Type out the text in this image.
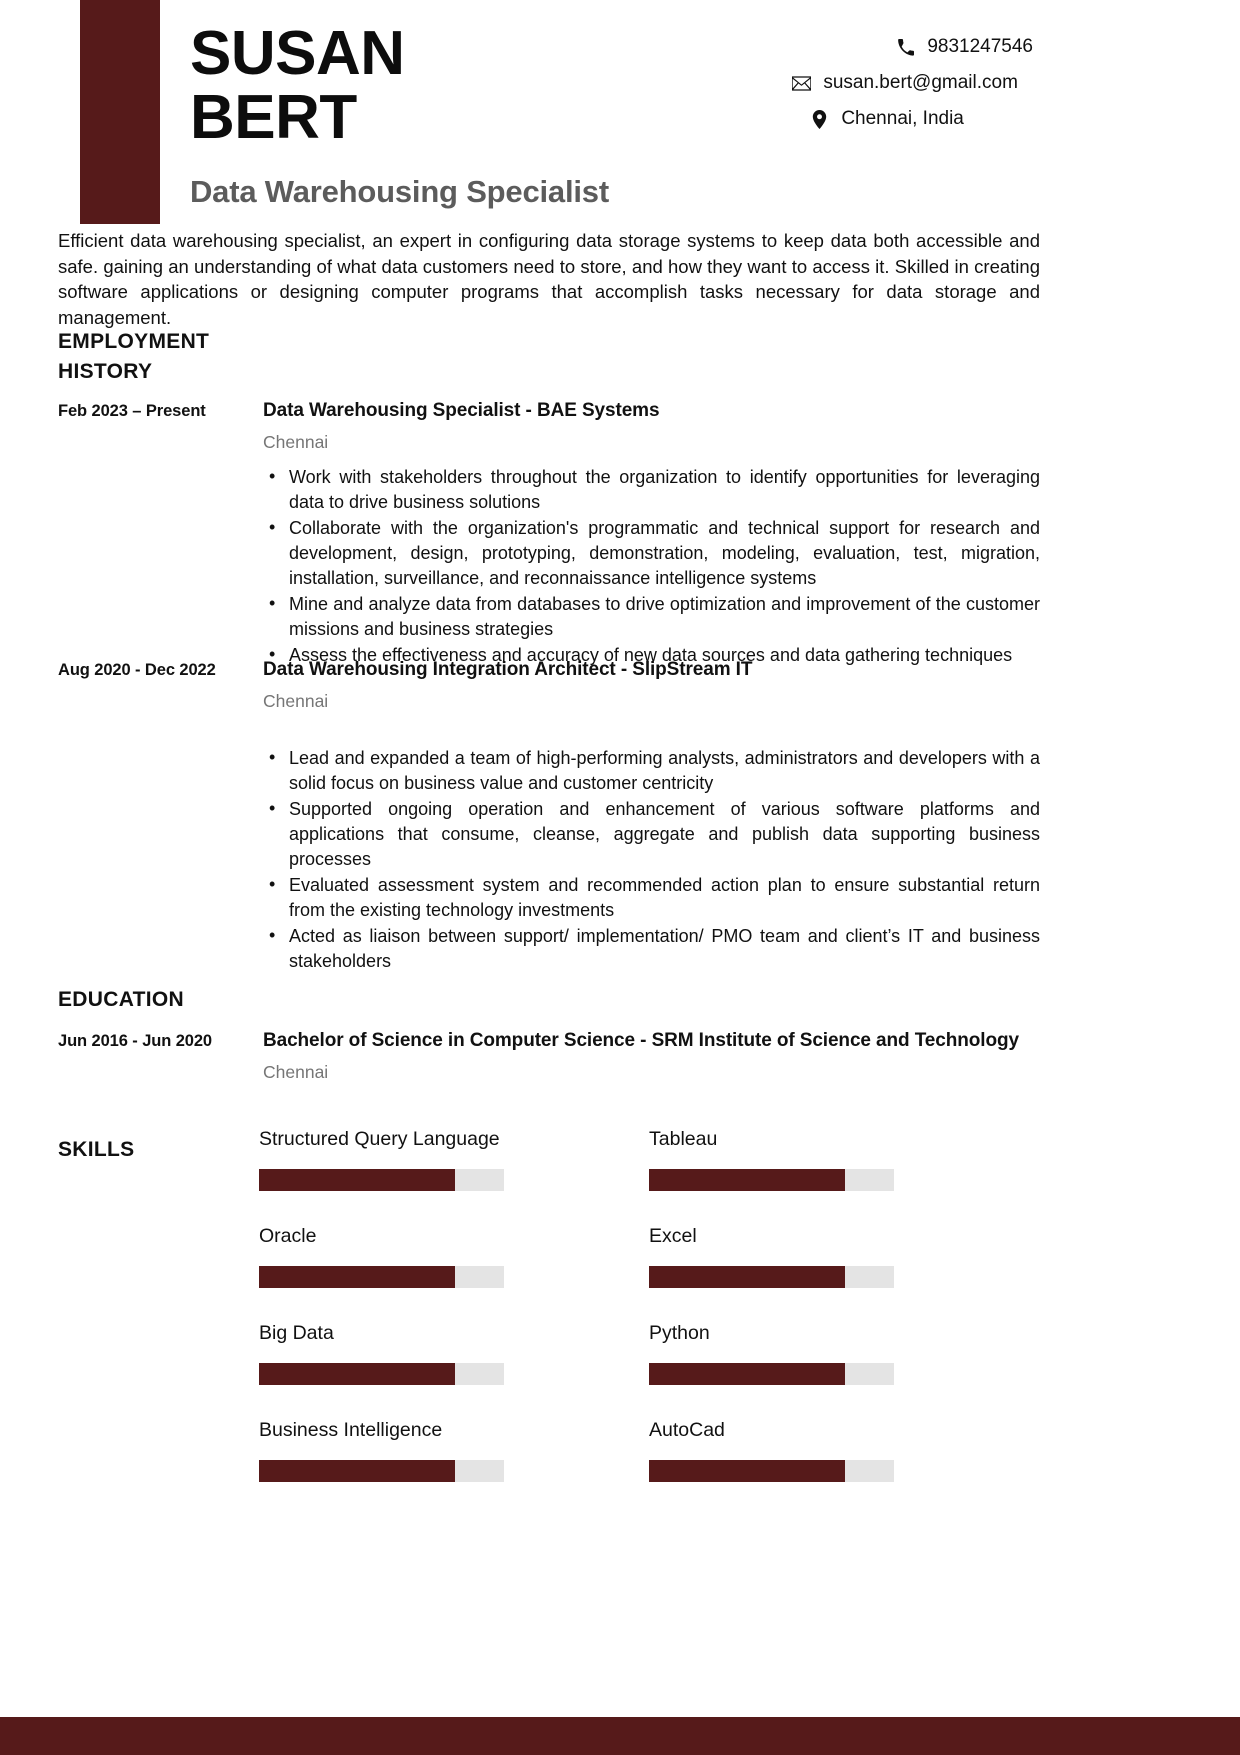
SUSAN
BERT
Data Warehousing Specialist
9831247546
susan.bert@gmail.com
Chennai, India
Efficient data warehousing specialist, an expert in configuring data storage systems to keep data both accessible and safe. gaining an understanding of what data customers need to store, and how they want to access it. Skilled in creating software applications or designing computer programs that accomplish tasks necessary for data storage and management.
EMPLOYMENT
HISTORY
Feb 2023 – Present	Data Warehousing Specialist - BAE Systems
Chennai
• Work with stakeholders throughout the organization to identify opportunities for leveraging data to drive business solutions
• Collaborate with the organization's programmatic and technical support for research and development, design, prototyping, demonstration, modeling, evaluation, test, migration, installation, surveillance, and reconnaissance intelligence systems
• Mine and analyze data from databases to drive optimization and improvement of the customer missions and business strategies
• Assess the effectiveness and accuracy of new data sources and data gathering techniques
Aug 2020 - Dec 2022	Data Warehousing Integration Architect - SlipStream IT
Chennai
• Lead and expanded a team of high-performing analysts, administrators and developers with a solid focus on business value and customer centricity
• Supported ongoing operation and enhancement of various software platforms and applications that consume, cleanse, aggregate and publish data supporting business processes
• Evaluated assessment system and recommended action plan to ensure substantial return from the existing technology investments
• Acted as liaison between support/ implementation/ PMO team and client’s IT and business stakeholders
EDUCATION
Jun 2016 - Jun 2020	Bachelor of Science in Computer Science - SRM Institute of Science and Technology
Chennai
SKILLS	Structured Query Language	Tableau
Oracle	Excel
Big Data	Python
Business Intelligence	AutoCad
